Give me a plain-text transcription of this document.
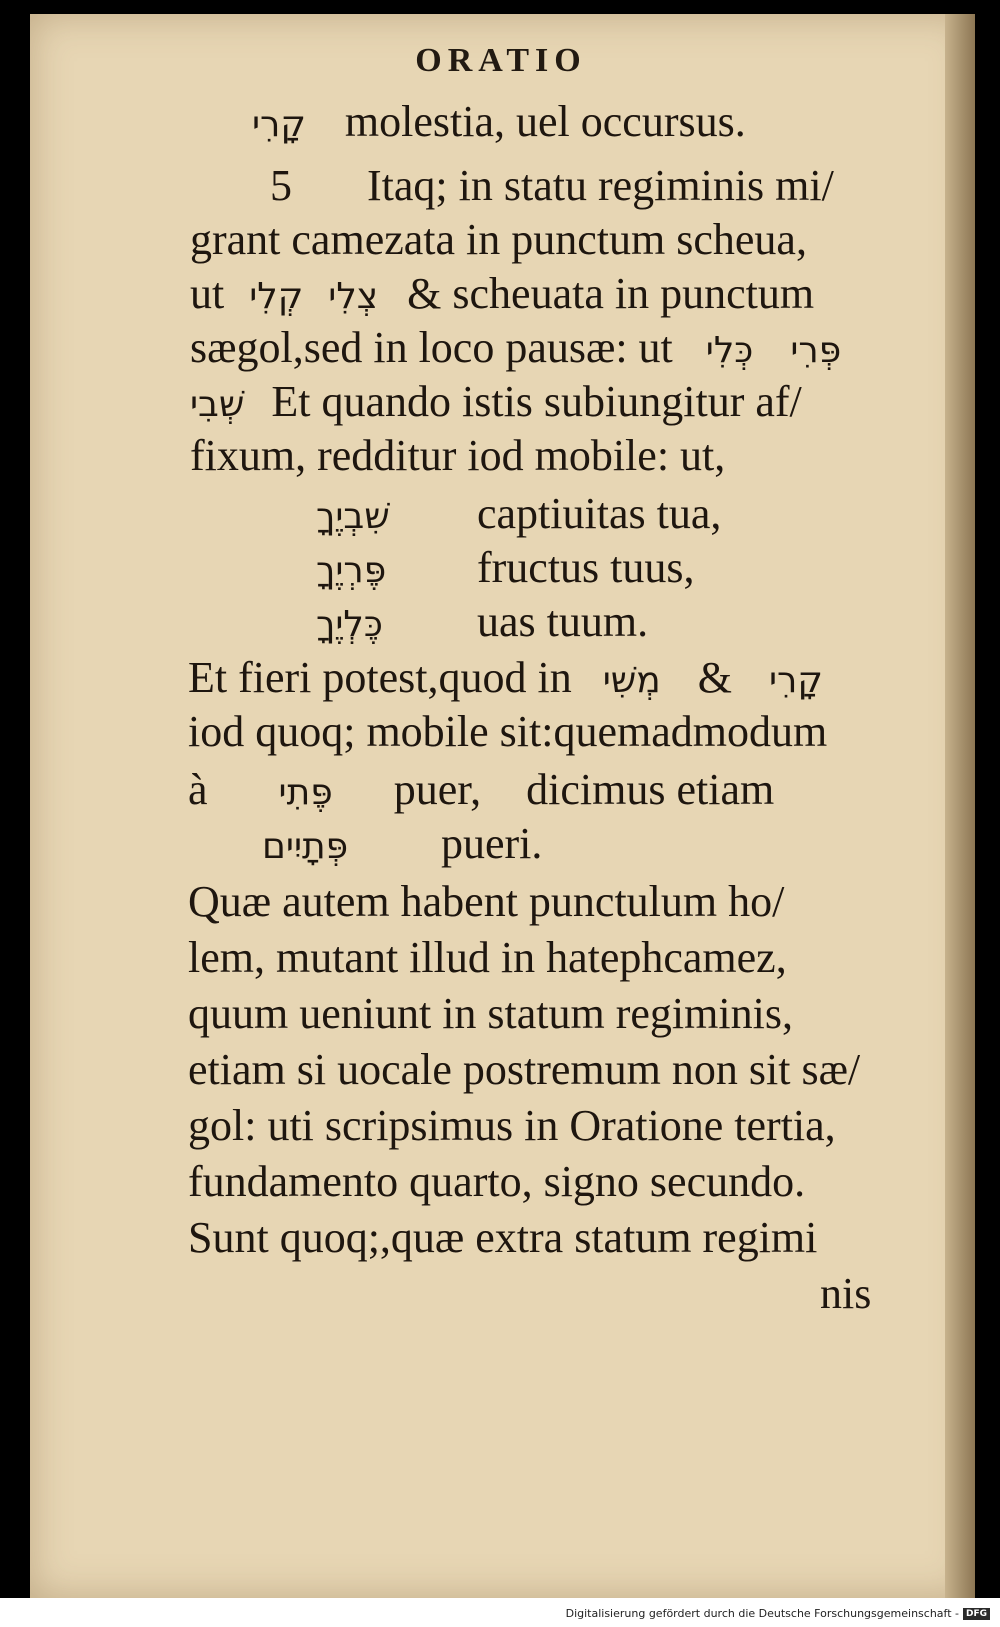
ORATIO
קָרִי molestia, uel occursus.
5 Itaq; in statu regiminis mi/
grant camezata in punctum scheua,
ut קְלִי צְלִי & scheuata in punctum
sægol,sed in loco pausæ: ut כְּלִי פְּרִי
שְׁבִי Et quando istis subiungitur af/
fixum, redditur iod mobile: ut,
שִׁבְיֶךָ captiuitas tua,
פֶּרְיֶךָ fructus tuus,
כֶּלְיֶךָ uas tuum.
Et fieri potest,quod in מְשִׁי & קָרִי
iod quoq; mobile sit:quemadmodum
à פֶּתִי puer, dicimus etiam
פְּתָיִים pueri.
Quæ autem habent punctulum ho/
lem, mutant illud in hatephcamez,
quum ueniunt in statum regiminis,
etiam si uocale postremum non sit sæ/
gol: uti scripsimus in Oratione tertia,
fundamento quarto, signo secundo.
Sunt quoq;,quæ extra statum regimi
nis
Digitalisierung gefördert durch die Deutsche Forschungsgemeinschaft - DFG
